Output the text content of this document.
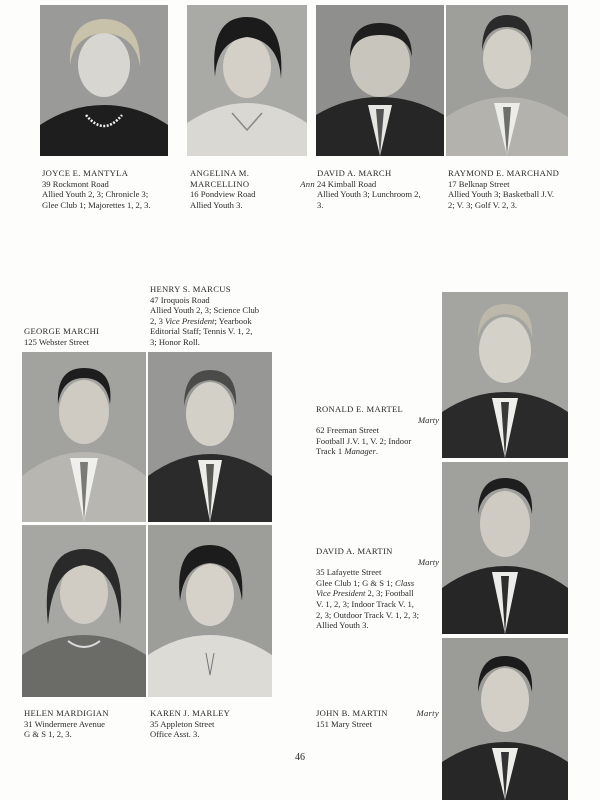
JOYCE E. MANTYLA
39 Rockmont Road
Allied Youth 2, 3; Chronicle 3;
Glee Club 1; Majorettes 1, 2, 3.
ANGELINA M.
MARCELLINO	Ann
16 Pondview Road
Allied Youth 3.
DAVID A. MARCH
24 Kimball Road
Allied Youth 3; Lunchroom 2,
3.
RAYMOND E. MARCHAND
17 Belknap Street
Allied Youth 3; Basketball J.V.
2; V. 3; Golf V. 2, 3.
HENRY S. MARCUS
47 Iroquois Road
Allied Youth 2, 3; Science Club
2, 3 Vice President; Yearbook
Editorial Staff; Tennis V. 1, 2,
3; Honor Roll.
GEORGE MARCHI
125 Webster Street
HELEN MARDIGIAN
31 Windermere Avenue
G & S 1, 2, 3.
KAREN J. MARLEY
35 Appleton Street
Office Asst. 3.
RONALD E. MARTEL
Marty
62 Freeman Street
Football J.V. 1, V. 2; Indoor
Track 1 Manager.
DAVID A. MARTIN
Marty
35 Lafayette Street
Glee Club 1; G & S 1; Class
Vice President 2, 3; Football
V. 1, 2, 3; Indoor Track V. 1,
2, 3; Outdoor Track V. 1, 2, 3;
Allied Youth 3.
JOHN B. MARTIN	Marty
151 Mary Street
46
